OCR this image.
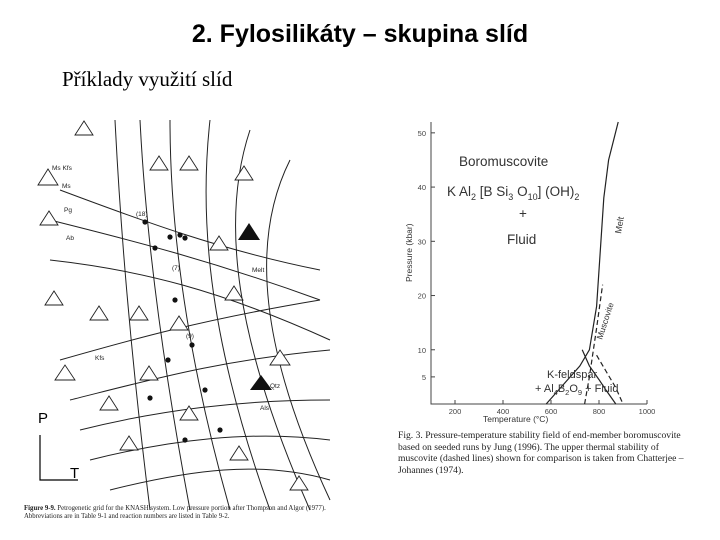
2. Fylosilikáty – skupina slíd
Příklady využití slíd
Ms Kfs
Ms
Pg
Ab
Qtz
Als
Kfs
Melt
(18)
(7)
(9)
P
T
Figure 9-9. Petrogenetic grid for the KNASH system. Low pressure portion after Thompson and Algor (1977). Abbreviations are in Table 9-1 and reaction numbers are listed in Table 9-2.
5
10
20
30
40
50
200	400	600	800	1000
Boromuscovite
K $Al_2$ [B $Si_3$ $O_{10}$] $(OH)_2$
+
Fluid
Melt
Muscovite
K-feldspar
+ $Al_4B_2O_9$ + Fluid
Pressure (kbar)
Temperature (°C)
Fig. 3. Pressure-temperature stability field of end-member boromuscovite based on seeded runs by Jung (1996). The upper thermal stability of muscovite (dashed lines) shown for comparison is taken from Chatterjee – Johannes (1974).
